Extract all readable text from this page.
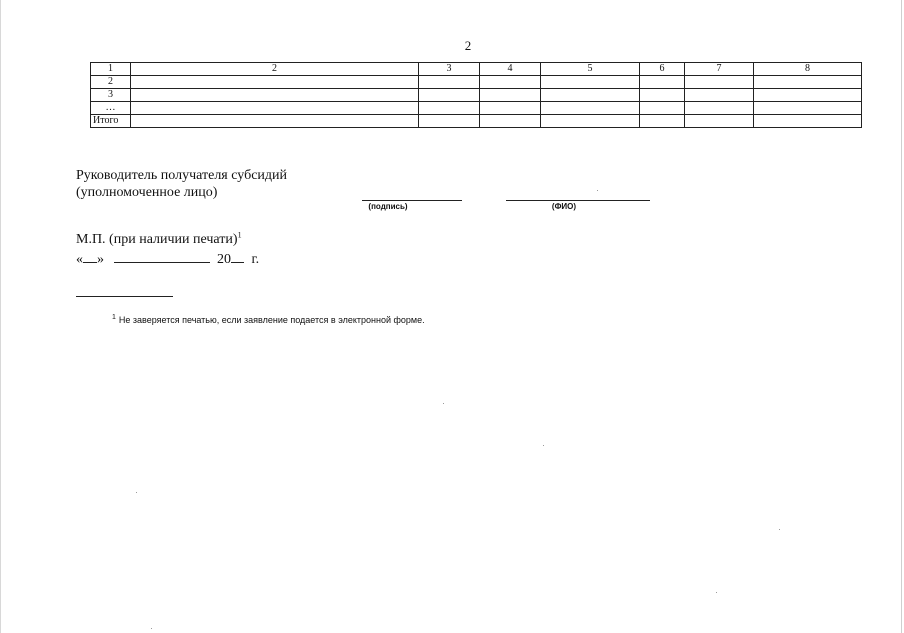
2
1	2	3	4	5	6	7	8
2							
3							
…							
Итого							
Руководитель получателя субсидий
(уполномоченное лицо)
(подпись)	(ФИО)
М.П. (при наличии печати)$^1$
« »	20 г.
$^1$ Не заверяется печатью, если заявление подается в электронной форме.
